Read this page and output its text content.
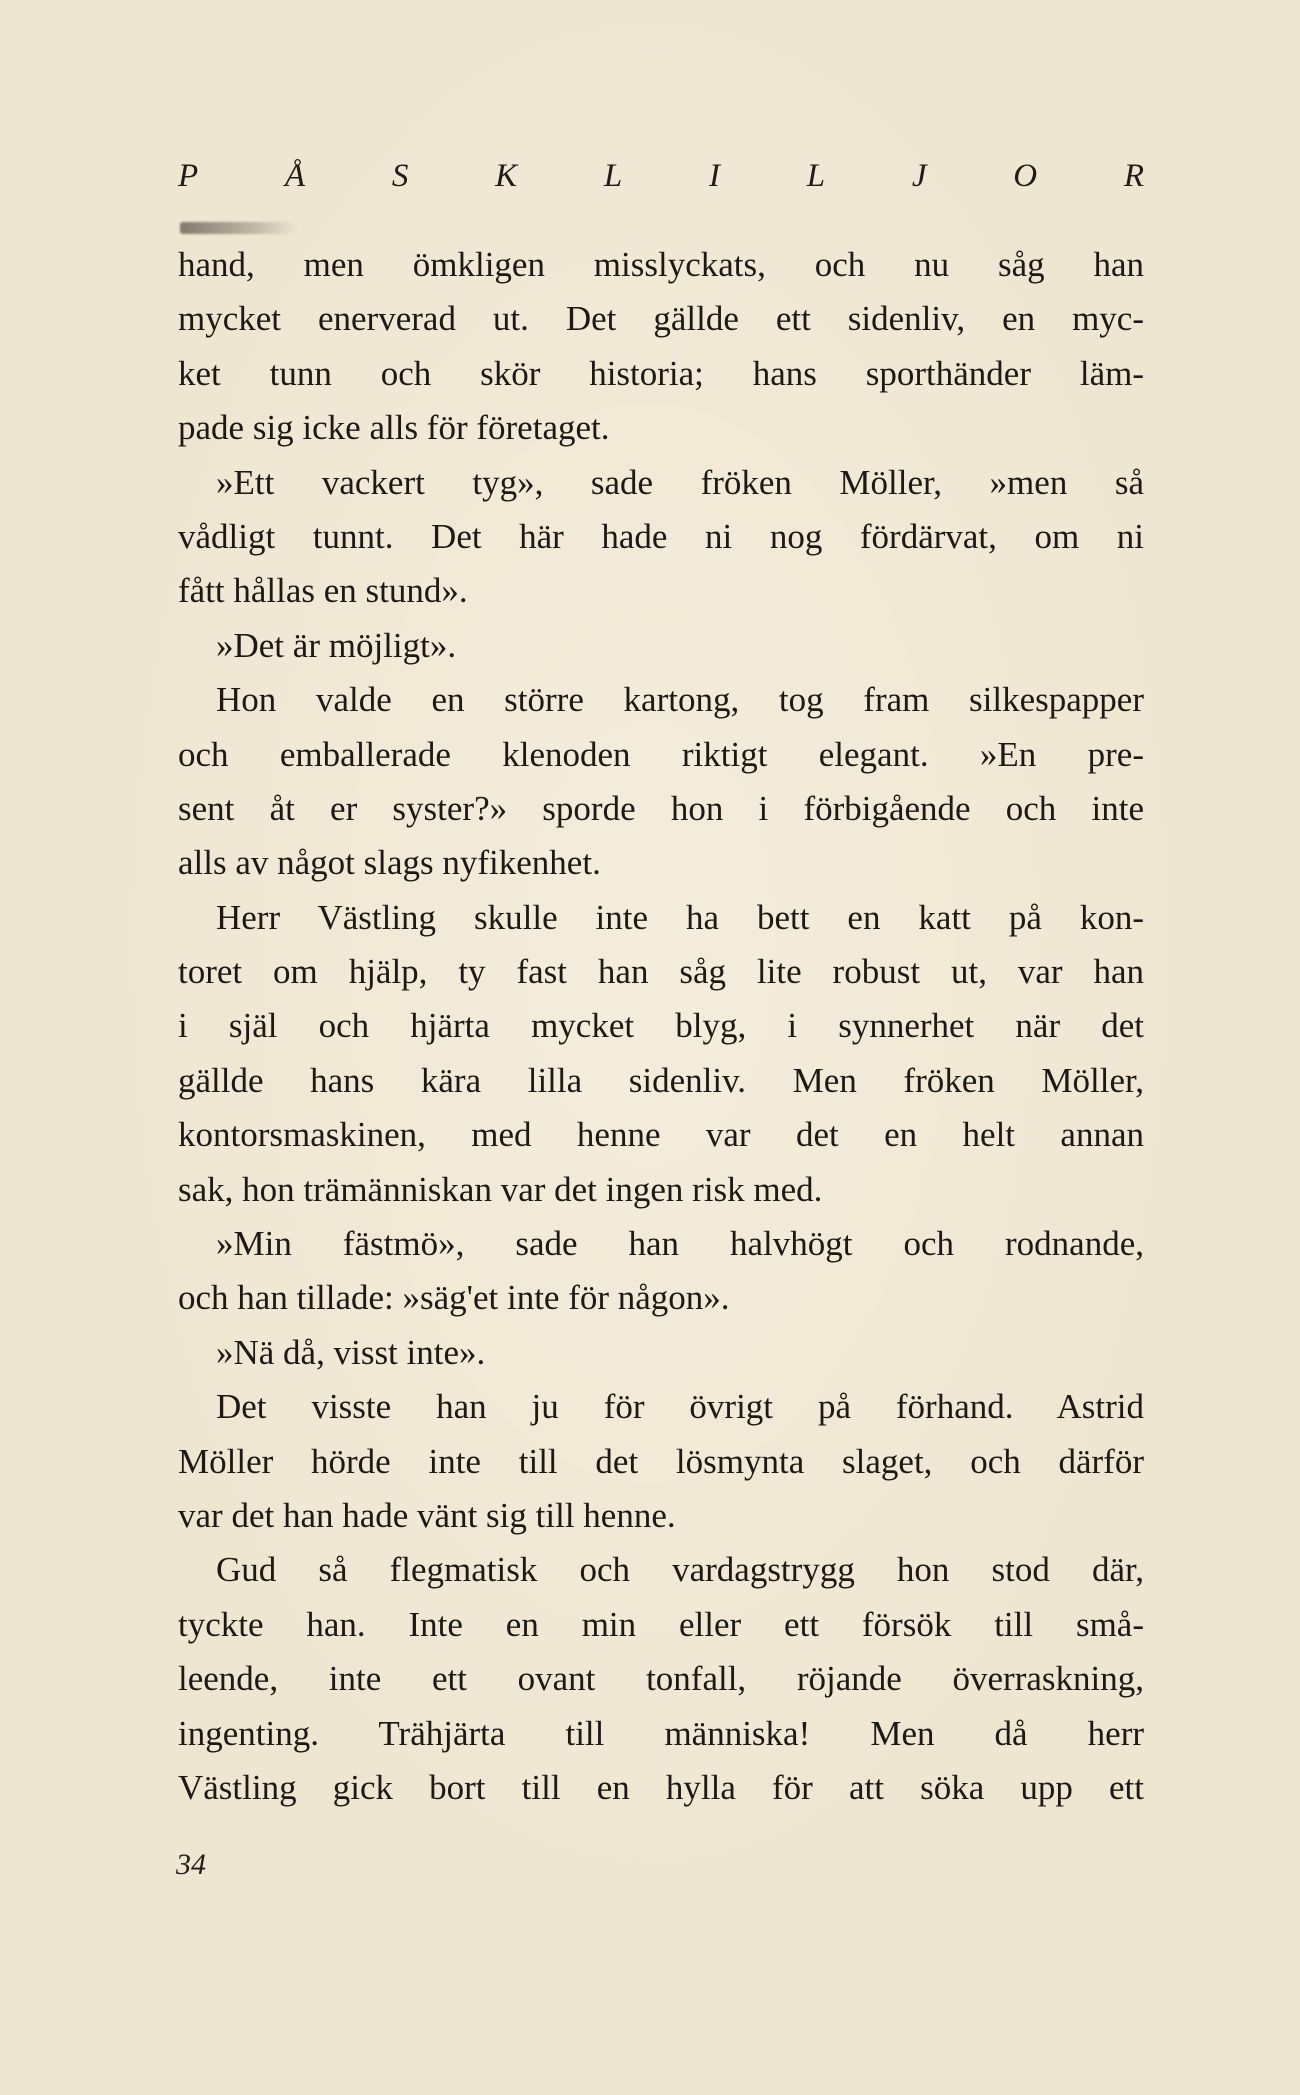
P	Å	S	K	L	I	L	J	O	R
hand, men ömkligen misslyckats, och nu såg han
mycket enerverad ut. Det gällde ett sidenliv, en myc-
ket tunn och skör historia; hans sporthänder läm-
pade sig icke alls för företaget.
»Ett vackert tyg», sade fröken Möller, »men så
vådligt tunnt. Det här hade ni nog fördärvat, om ni
fått hållas en stund».
»Det är möjligt».
Hon valde en större kartong, tog fram silkespapper
och emballerade klenoden riktigt elegant. »En pre-
sent åt er syster?» sporde hon i förbigående och inte
alls av något slags nyfikenhet.
Herr Västling skulle inte ha bett en katt på kon-
toret om hjälp, ty fast han såg lite robust ut, var han
i själ och hjärta mycket blyg, i synnerhet när det
gällde hans kära lilla sidenliv. Men fröken Möller,
kontorsmaskinen, med henne var det en helt annan
sak, hon trämänniskan var det ingen risk med.
»Min fästmö», sade han halvhögt och rodnande,
och han tillade: »säg'et inte för någon».
»Nä då, visst inte».
Det visste han ju för övrigt på förhand. Astrid
Möller hörde inte till det lösmynta slaget, och därför
var det han hade vänt sig till henne.
Gud så flegmatisk och vardagstrygg hon stod där,
tyckte han. Inte en min eller ett försök till små-
leende, inte ett ovant tonfall, röjande överraskning,
ingenting. Trähjärta till människa! Men då herr
Västling gick bort till en hylla för att söka upp ett
34
